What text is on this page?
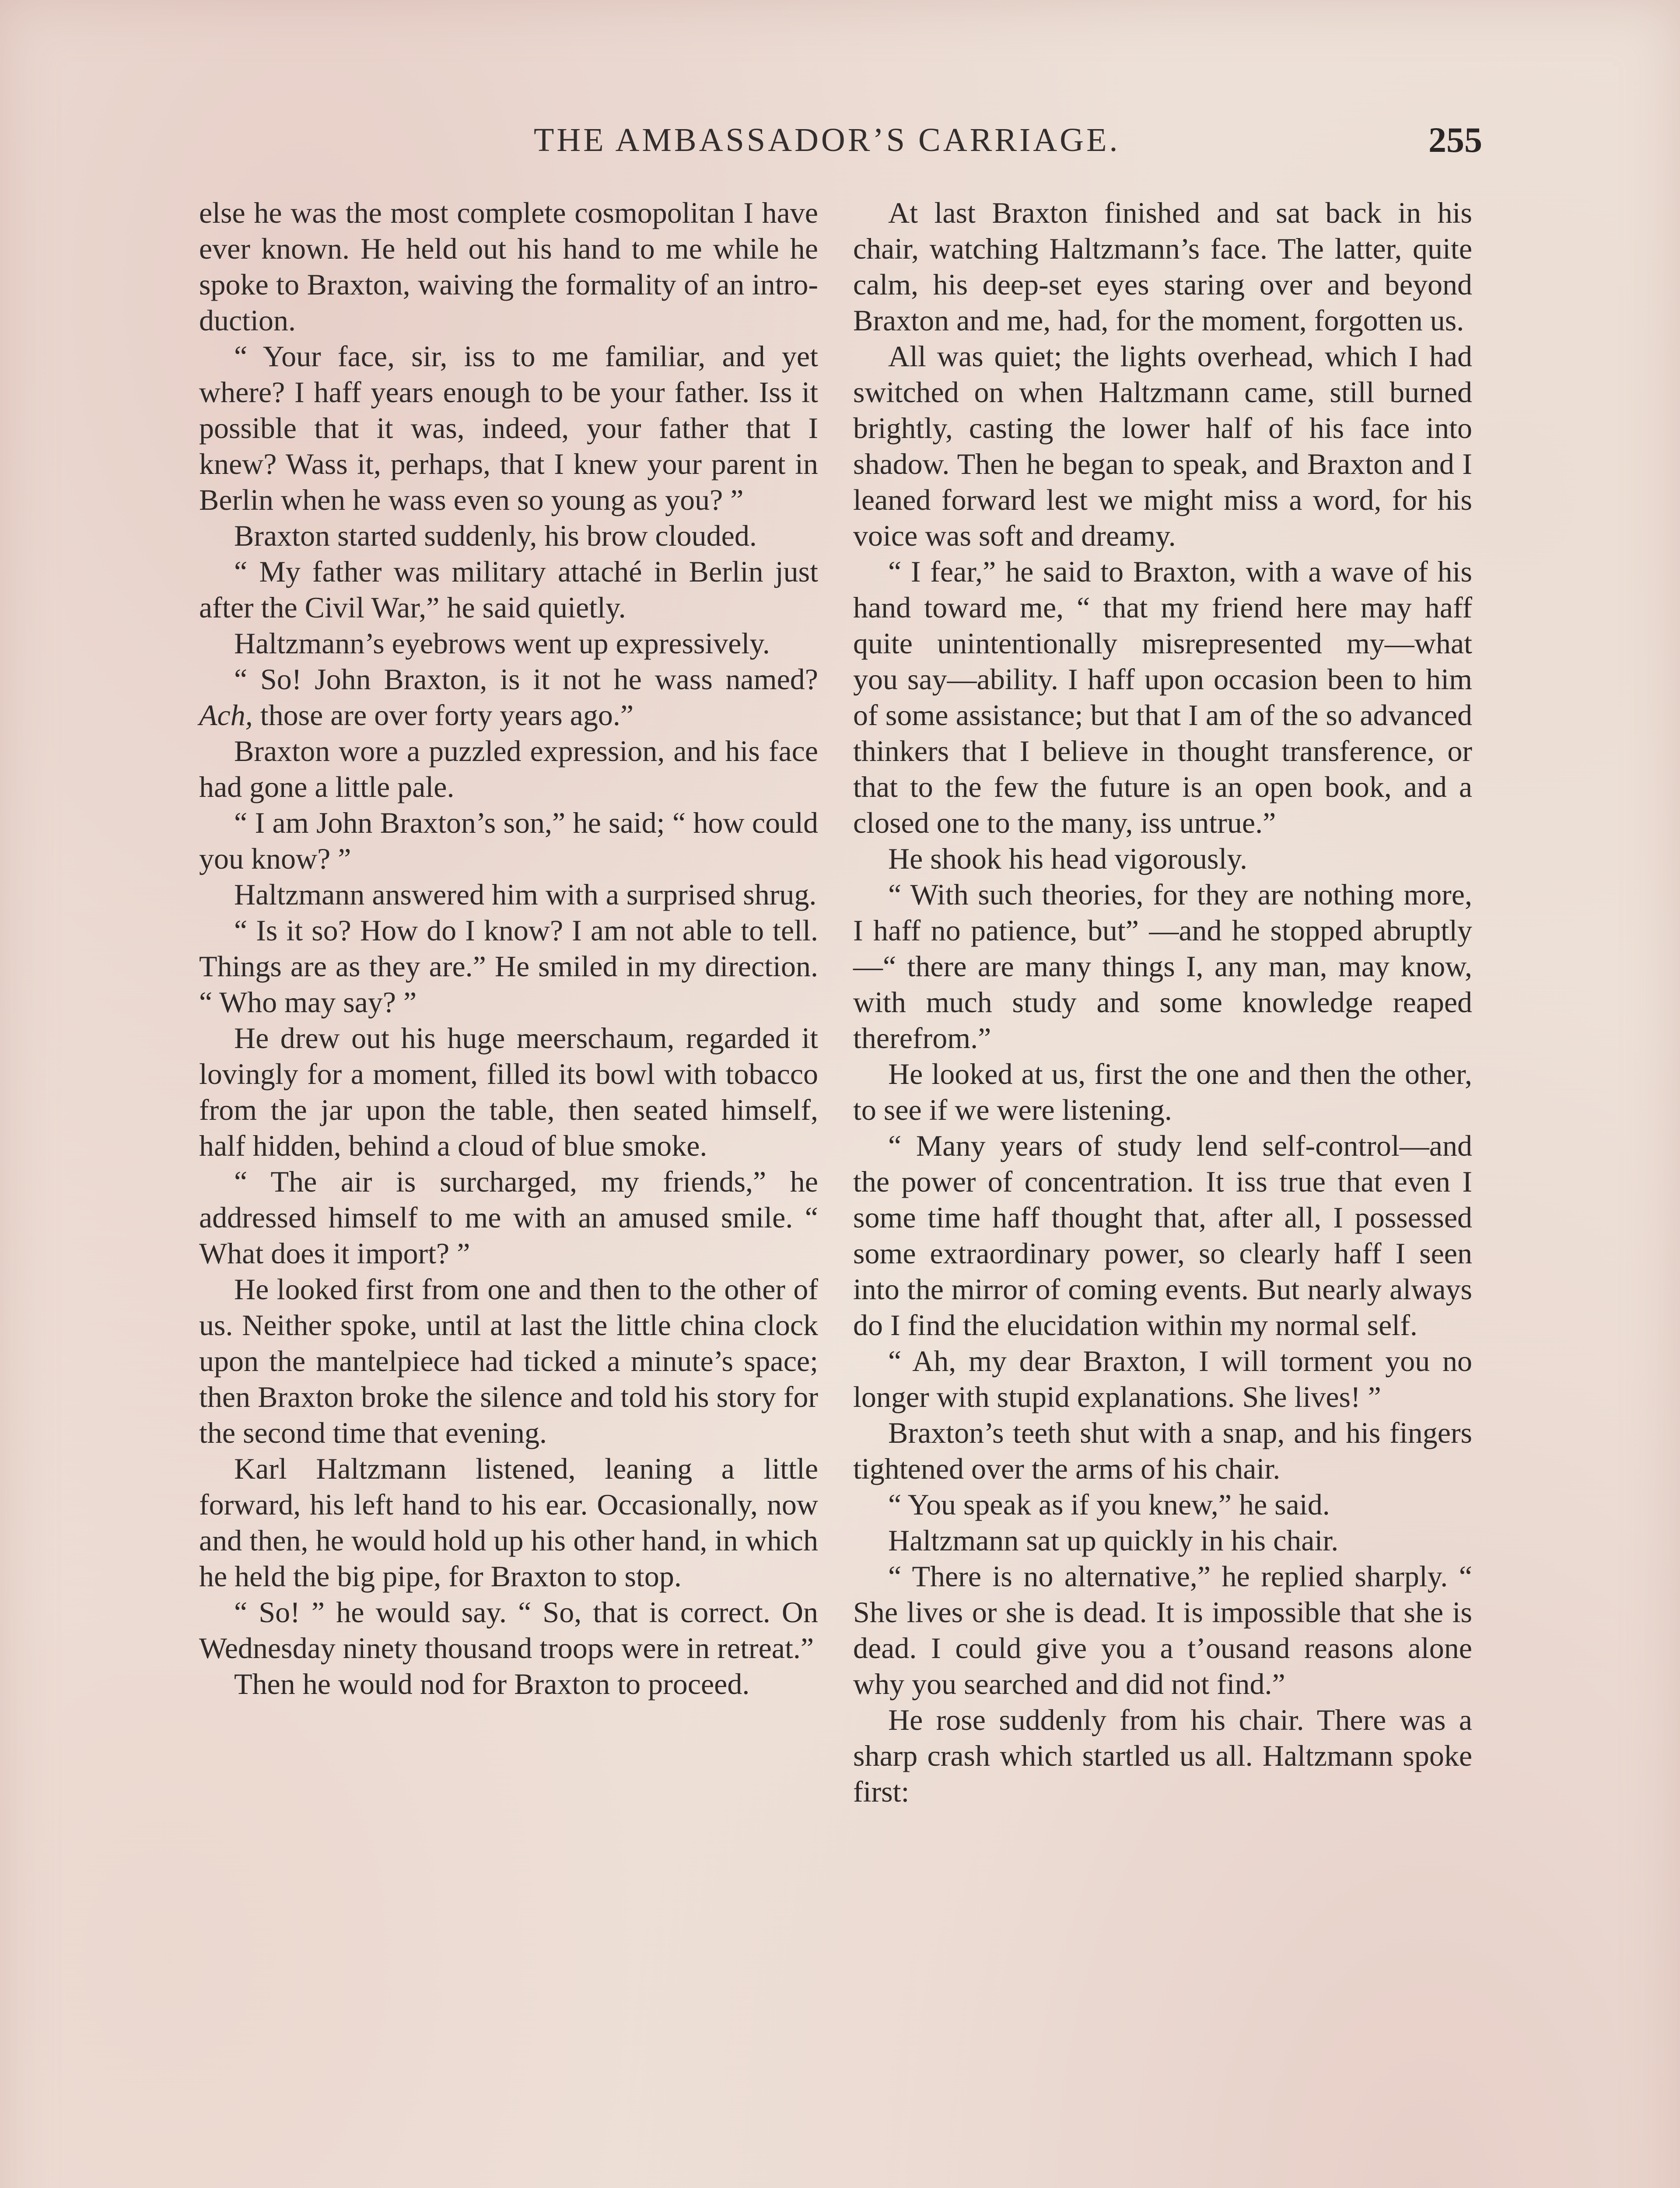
THE AMBASSADOR’S CARRIAGE.	255

else he was the most complete cosmopolitan I have ever known. He held out his hand to me while he spoke to Braxton, waiving the formality of an introduction.

“ Your face, sir, iss to me familiar, and yet where? I haff years enough to be your father. Iss it possible that it was, indeed, your father that I knew? Wass it, perhaps, that I knew your parent in Berlin when he wass even so young as you? ”

Braxton started suddenly, his brow clouded.

“ My father was military attaché in Berlin just after the Civil War,” he said quietly.

Haltzmann’s eyebrows went up expressively.

“ So! John Braxton, is it not he wass named? Ach, those are over forty years ago.”

Braxton wore a puzzled expression, and his face had gone a little pale.

“ I am John Braxton’s son,” he said; “ how could you know? ”

Haltzmann answered him with a surprised shrug.

“ Is it so? How do I know? I am not able to tell. Things are as they are.” He smiled in my direction. “ Who may say? ”

He drew out his huge meerschaum, regarded it lovingly for a moment, filled its bowl with tobacco from the jar upon the table, then seated himself, half hidden, behind a cloud of blue smoke.

“ The air is surcharged, my friends,” he addressed himself to me with an amused smile. “ What does it import? ”

He looked first from one and then to the other of us. Neither spoke, until at last the little china clock upon the mantelpiece had ticked a minute’s space; then Braxton broke the silence and told his story for the second time that evening.

Karl Haltzmann listened, leaning a little forward, his left hand to his ear. Occasionally, now and then, he would hold up his other hand, in which he held the big pipe, for Braxton to stop.

“ So! ” he would say. “ So, that is correct. On Wednesday ninety thousand troops were in retreat.”

Then he would nod for Braxton to proceed.

At last Braxton finished and sat back in his chair, watching Haltzmann’s face. The latter, quite calm, his deep-set eyes staring over and beyond Braxton and me, had, for the moment, forgotten us.

All was quiet; the lights overhead, which I had switched on when Haltzmann came, still burned brightly, casting the lower half of his face into shadow. Then he began to speak, and Braxton and I leaned forward lest we might miss a word, for his voice was soft and dreamy.

“ I fear,” he said to Braxton, with a wave of his hand toward me, “ that my friend here may haff quite unintentionally misrepresented my—what you say—ability. I haff upon occasion been to him of some assistance; but that I am of the so advanced thinkers that I believe in thought transference, or that to the few the future is an open book, and a closed one to the many, iss untrue.”

He shook his head vigorously.

“ With such theories, for they are nothing more, I haff no patience, but” —and he stopped abruptly—“ there are many things I, any man, may know, with much study and some knowledge reaped therefrom.”

He looked at us, first the one and then the other, to see if we were listening.

“ Many years of study lend self-control—and the power of concentration. It iss true that even I some time haff thought that, after all, I possessed some extraordinary power, so clearly haff I seen into the mirror of coming events. But nearly always do I find the elucidation within my normal self.

“ Ah, my dear Braxton, I will torment you no longer with stupid explanations. She lives! ”

Braxton’s teeth shut with a snap, and his fingers tightened over the arms of his chair.

“ You speak as if you knew,” he said.

Haltzmann sat up quickly in his chair.

“ There is no alternative,” he replied sharply. “ She lives or she is dead. It is impossible that she is dead. I could give you a t’ousand reasons alone why you searched and did not find.”

He rose suddenly from his chair. There was a sharp crash which startled us all. Haltzmann spoke first:
